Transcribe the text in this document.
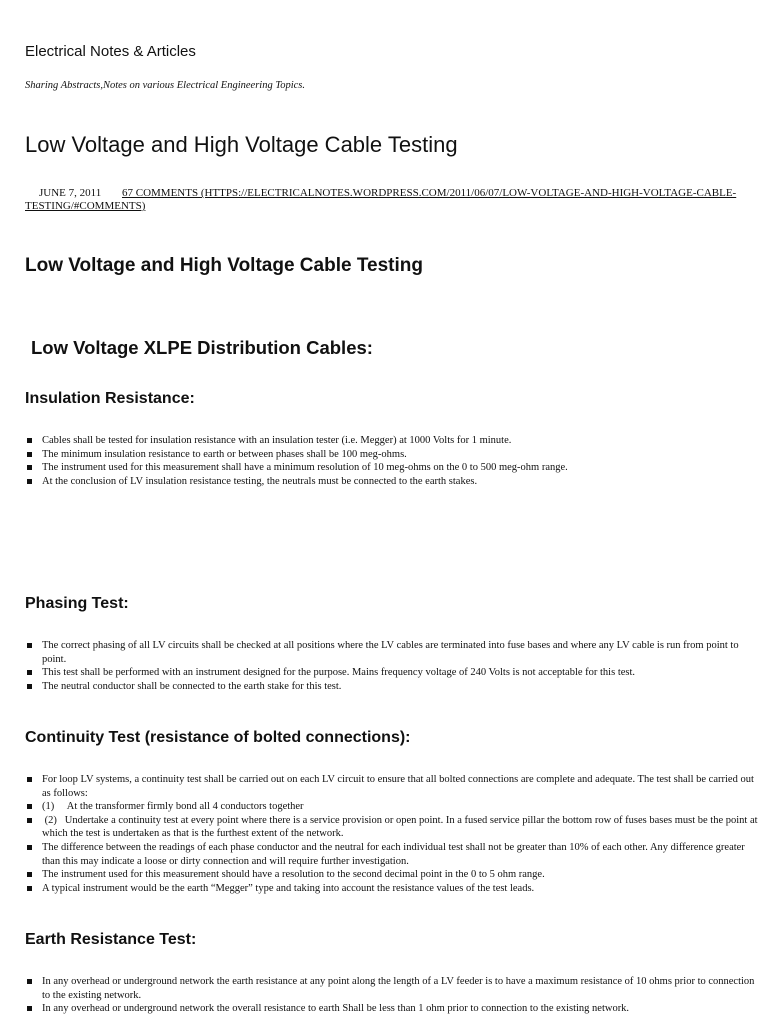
Electrical Notes & Articles
Sharing Abstracts,Notes on various Electrical Engineering Topics.
Low Voltage and High Voltage Cable Testing
JUNE 7, 2011 67 COMMENTS (HTTPS://ELECTRICALNOTES.WORDPRESS.COM/2011/06/07/LOW-VOLTAGE-AND-HIGH-VOLTAGE-CABLE-TESTING/#COMMENTS)
Low Voltage and High Voltage Cable Testing
Low Voltage XLPE Distribution Cables:
Insulation Resistance:
Cables shall be tested for insulation resistance with an insulation tester (i.e. Megger) at 1000 Volts for 1 minute.
The minimum insulation resistance to earth or between phases shall be 100 meg-ohms.
The instrument used for this measurement shall have a minimum resolution of 10 meg-ohms on the 0 to 500 meg-ohm range.
At the conclusion of LV insulation resistance testing, the neutrals must be connected to the earth stakes.
Phasing Test:
The correct phasing of all LV circuits shall be checked at all positions where the LV cables are terminated into fuse bases and where any LV cable is run from point to point.
This test shall be performed with an instrument designed for the purpose. Mains frequency voltage of 240 Volts is not acceptable for this test.
The neutral conductor shall be connected to the earth stake for this test.
Continuity Test (resistance of bolted connections):
For loop LV systems, a continuity test shall be carried out on each LV circuit to ensure that all bolted connections are complete and adequate. The test shall be carried out as follows:
(1)     At the transformer firmly bond all 4 conductors together
(2)   Undertake a continuity test at every point where there is a service provision or open point. In a fused service pillar the bottom row of fuses bases must be the point at which the test is undertaken as that is the furthest extent of the network.
The difference between the readings of each phase conductor and the neutral for each individual test shall not be greater than 10% of each other. Any difference greater than this may indicate a loose or dirty connection and will require further investigation.
The instrument used for this measurement should have a resolution to the second decimal point in the 0 to 5 ohm range.
A typical instrument would be the earth “Megger” type and taking into account the resistance values of the test leads.
Earth Resistance Test:
In any overhead or underground network the earth resistance at any point along the length of a LV feeder is to have a maximum resistance of 10 ohms prior to connection to the existing network.
In any overhead or underground network the overall resistance to earth Shall be less than 1 ohm prior to connection to the existing network.
